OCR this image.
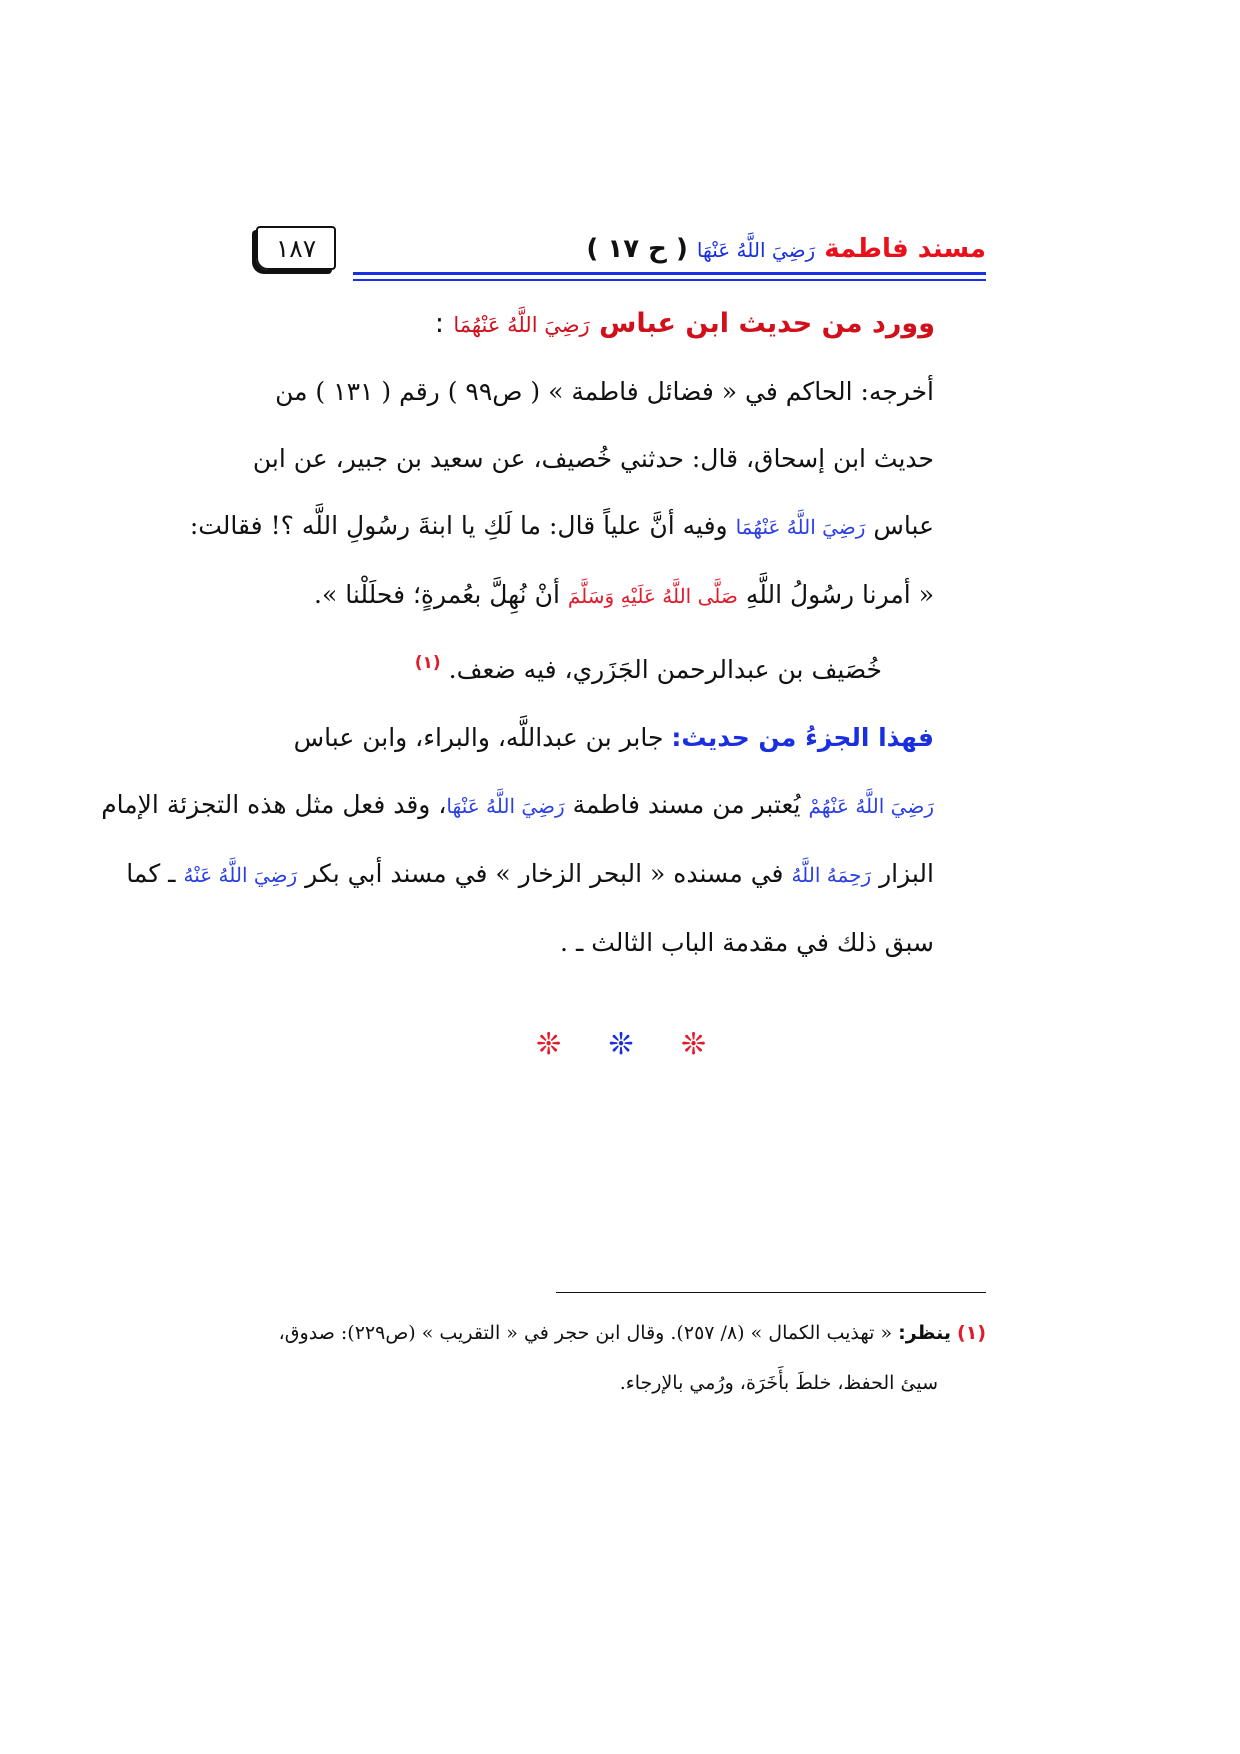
١٨٧	مسند فاطمة رَضِيَ اللَّهُ عَنْهَا ( ح ١٧ )
وورد من حديث ابن عباس رَضِيَ اللَّهُ عَنْهُمَا :
أخرجه: الحاكم في « فضائل فاطمة » ( ص٩٩ ) رقم ( ١٣١ ) من
حديث ابن إسحاق، قال: حدثني خُصيف، عن سعيد بن جبير، عن ابن
عباس رَضِيَ اللَّهُ عَنْهُمَا وفيه أنَّ علياً قال: ما لَكِ يا ابنةَ رسُولِ اللَّه ؟! فقالت:
« أمرنا رسُولُ اللَّهِ صَلَّى اللَّهُ عَلَيْهِ وَسَلَّمَ أنْ نُهِلَّ بعُمرةٍ؛ فحلَلْنا ».
خُصَيف بن عبدالرحمن الجَزَري، فيه ضعف. $^{(١)}$
فهذا الجزءُ من حديث: جابر بن عبداللَّه، والبراء، وابن عباس
رَضِيَ اللَّهُ عَنْهُمْ يُعتبر من مسند فاطمة رَضِيَ اللَّهُ عَنْهَا، وقد فعل مثل هذه التجزئة الإمام
البزار رَحِمَهُ اللَّهُ في مسنده « البحر الزخار » في مسند أبي بكر رَضِيَ اللَّهُ عَنْهُ ـ كما
سبق ذلك في مقدمة الباب الثالث ـ .
❊ ❊ ❊
(١) ينظر: « تهذيب الكمال » (٨/ ٢٥٧). وقال ابن حجر في « التقريب » (ص٢٢٩): صدوق،
سيئ الحفظ، خلطَ بأَخَرَة، ورُمي بالإرجاء.
